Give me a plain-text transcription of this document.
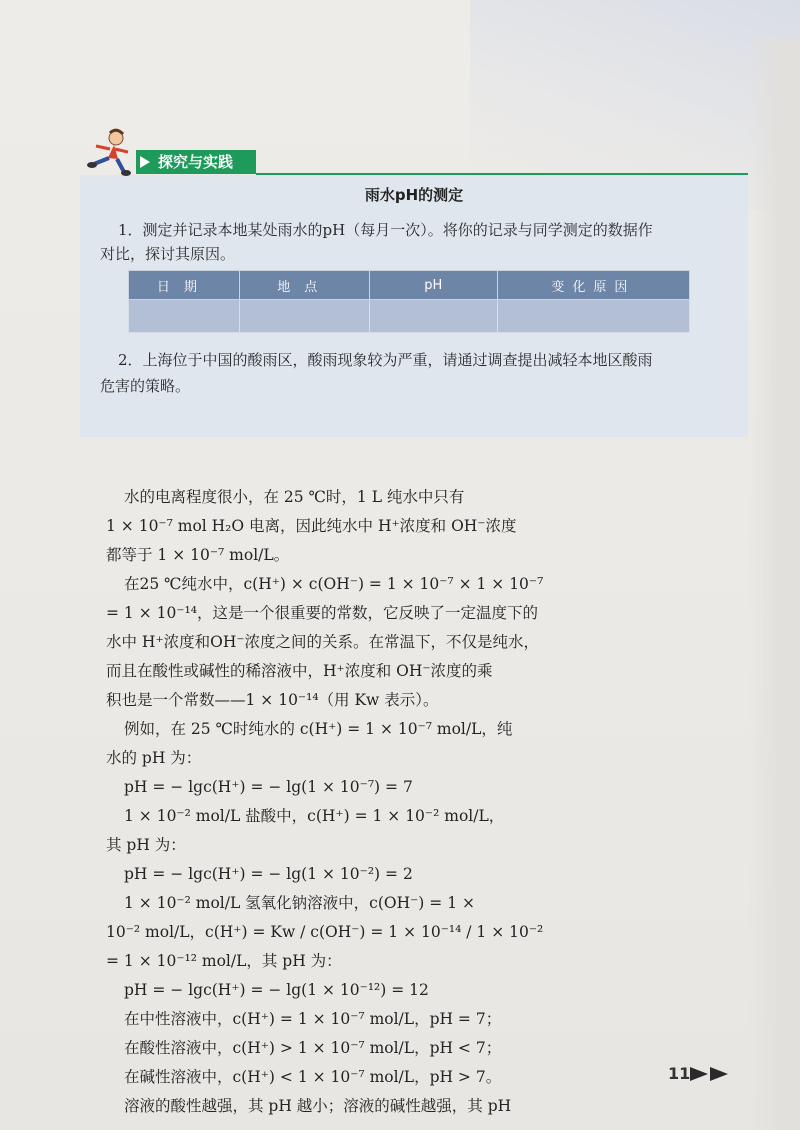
探究与实践
雨水pH的测定
1．测定并记录本地某处雨水的pH（每月一次）。将你的记录与同学测定的数据作
对比，探讨其原因。
日期	地点	pH	变化原因

2．上海位于中国的酸雨区，酸雨现象较为严重，请通过调查提出减轻本地区酸雨
危害的策略。

水的电离程度很小，在 25 ℃时，1 L 纯水中只有

1 × 10⁻⁷ mol H₂O 电离，因此纯水中 H⁺浓度和 OH⁻浓度

都等于 1 × 10⁻⁷ mol/L。

在25 ℃纯水中，c(H⁺) × c(OH⁻) = 1 × 10⁻⁷ × 1 × 10⁻⁷

= 1 × 10⁻¹⁴，这是一个很重要的常数，它反映了一定温度下的

水中 H⁺浓度和OH⁻浓度之间的关系。在常温下，不仅是纯水，

而且在酸性或碱性的稀溶液中，H⁺浓度和 OH⁻浓度的乘

积也是一个常数——1 × 10⁻¹⁴（用 Kw 表示）。

例如，在 25 ℃时纯水的 c(H⁺) = 1 × 10⁻⁷ mol/L，纯

水的 pH 为：

pH = − lgc(H⁺) = − lg(1 × 10⁻⁷) = 7

1 × 10⁻² mol/L 盐酸中，c(H⁺) = 1 × 10⁻² mol/L，

其 pH 为：

pH = − lgc(H⁺) = − lg(1 × 10⁻²) = 2

1 × 10⁻² mol/L 氢氧化钠溶液中，c(OH⁻) = 1 ×

10⁻² mol/L，c(H⁺) = Kw / c(OH⁻) = 1 × 10⁻¹⁴ / 1 × 10⁻²

= 1 × 10⁻¹² mol/L，其 pH 为：

pH = − lgc(H⁺) = − lg(1 × 10⁻¹²) = 12

在中性溶液中，c(H⁺) = 1 × 10⁻⁷ mol/L，pH = 7；

在酸性溶液中，c(H⁺) > 1 × 10⁻⁷ mol/L，pH < 7；

在碱性溶液中，c(H⁺) < 1 × 10⁻⁷ mol/L，pH > 7。

溶液的酸性越强，其 pH 越小；溶液的碱性越强，其 pH

11
